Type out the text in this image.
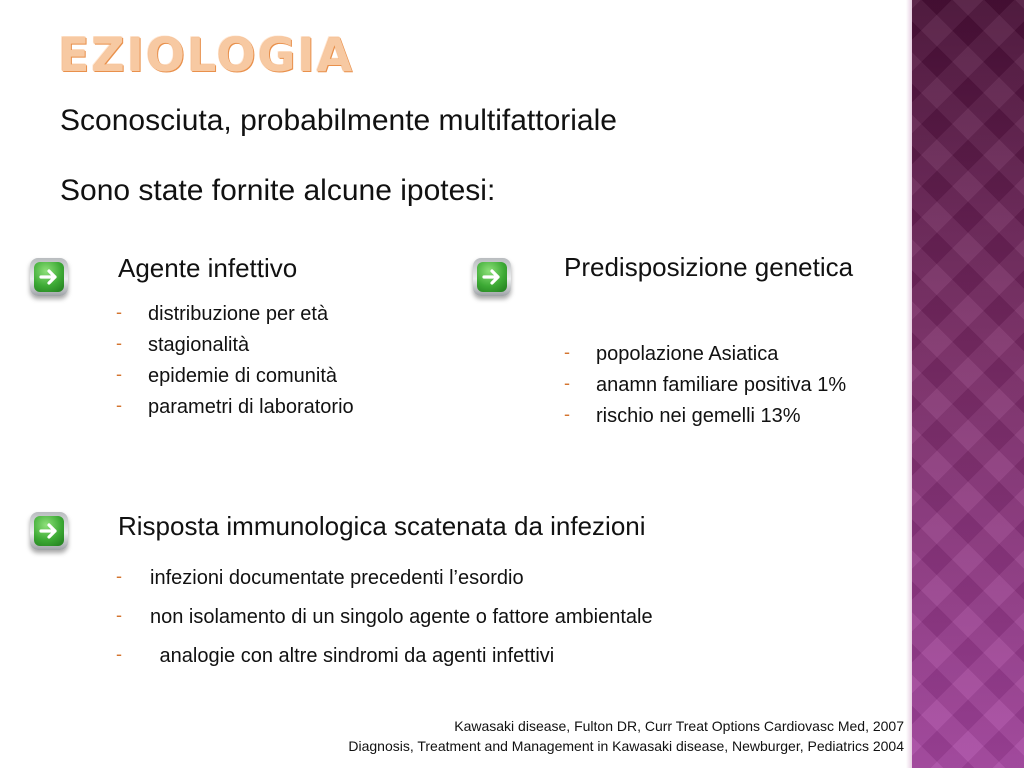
EZIOLOGIA
Sconosciuta, probabilmente multifattoriale
Sono state fornite alcune ipotesi:
Agente infettivo
- distribuzione per età
- stagionalità
- epidemie di comunità
- parametri di laboratorio
Predisposizione genetica
- popolazione Asiatica
- anamn familiare positiva 1%
- rischio nei gemelli 13%
Risposta immunologica scatenata da infezioni
- infezioni documentate precedenti l’esordio
- non isolamento di un singolo agente o fattore ambientale
-  analogie con altre sindromi da agenti infettivi
Kawasaki disease, Fulton DR, Curr Treat Options Cardiovasc Med, 2007
Diagnosis, Treatment and Management in Kawasaki disease, Newburger, Pediatrics 2004
